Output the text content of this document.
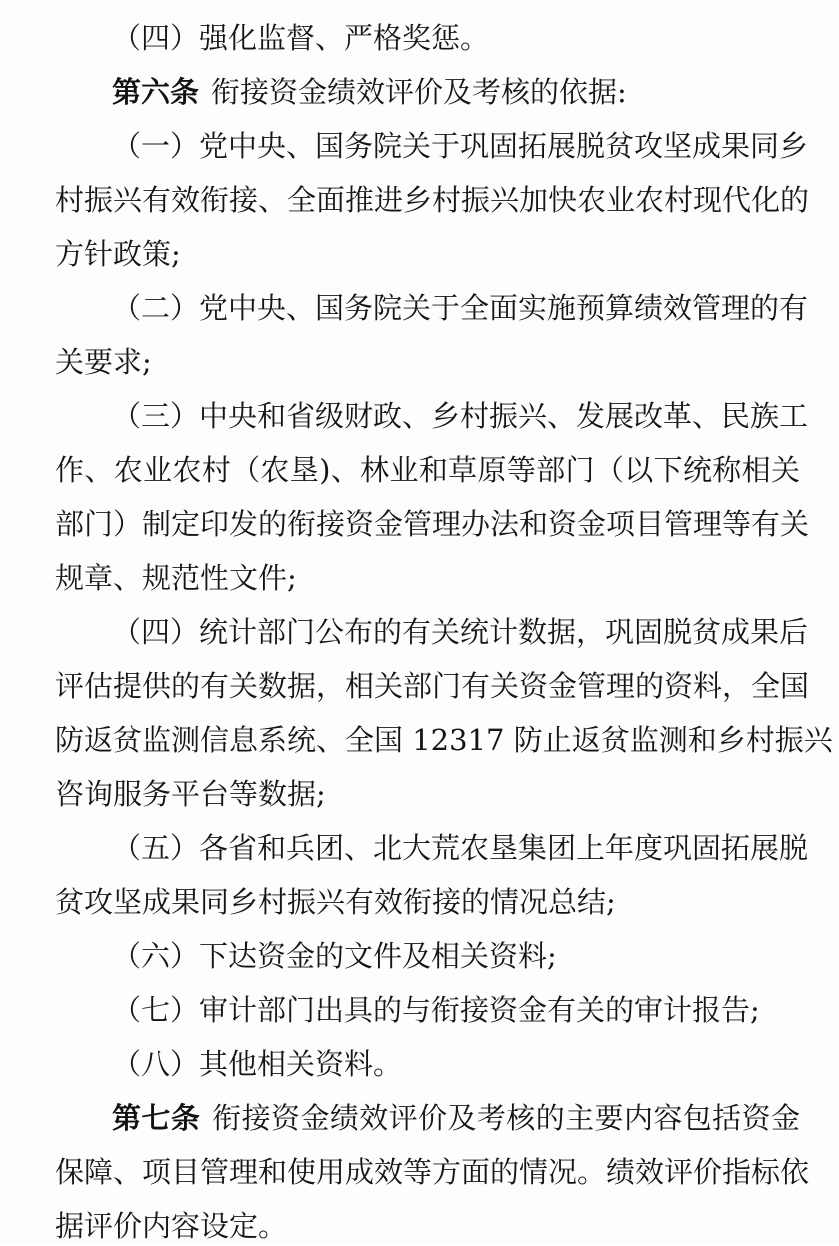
（四）强化监督、严格奖惩。
第六条 衔接资金绩效评价及考核的依据:
（一）党中央、国务院关于巩固拓展脱贫攻坚成果同乡
村振兴有效衔接、全面推进乡村振兴加快农业农村现代化的
方针政策;
（二）党中央、国务院关于全面实施预算绩效管理的有
关要求;
（三）中央和省级财政、乡村振兴、发展改革、民族工
作、农业农村（农垦)、林业和草原等部门（以下统称相关
部门）制定印发的衔接资金管理办法和资金项目管理等有关
规章、规范性文件;
（四）统计部门公布的有关统计数据，巩固脱贫成果后
评估提供的有关数据，相关部门有关资金管理的资料，全国
防返贫监测信息系统、全国 12317 防止返贫监测和乡村振兴
咨询服务平台等数据;
（五）各省和兵团、北大荒农垦集团上年度巩固拓展脱
贫攻坚成果同乡村振兴有效衔接的情况总结;
（六）下达资金的文件及相关资料;
（七）审计部门出具的与衔接资金有关的审计报告;
（八）其他相关资料。
第七条 衔接资金绩效评价及考核的主要内容包括资金
保障、项目管理和使用成效等方面的情况。绩效评价指标依
据评价内容设定。
